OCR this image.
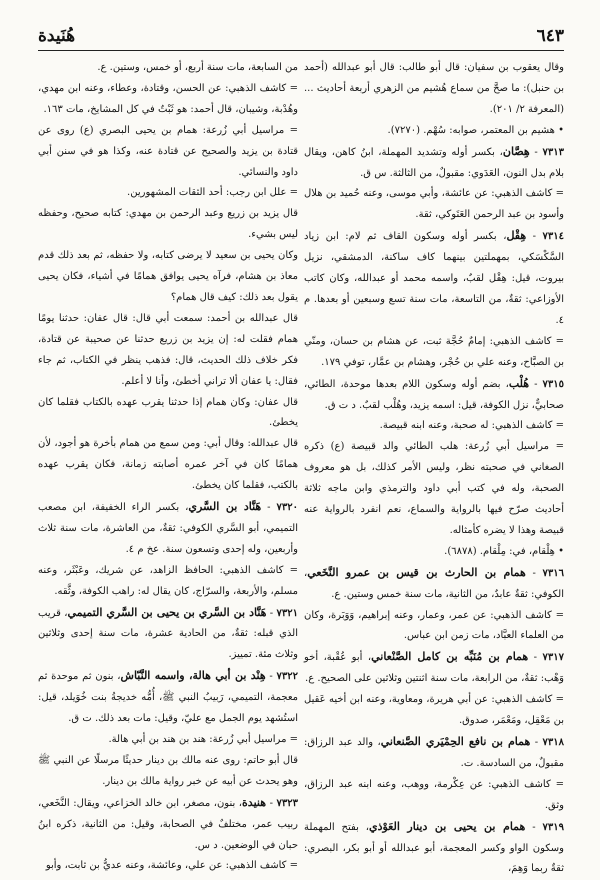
هُنَيدة	٦٤٣

وقال يعقوب بن سفيان: قال أبو طالب: قال أبو عبدالله (أحمد بن حنبل): ما صحَّ من سماع هُشيم من الزهري أربعة أحاديث ... (المعرفة ٢/ ٢٠١).

• هشيم بن المعتمر، صوابه: سُهْم. (٧٢٧٠).

٧٣١٣ - هِصَّان، بكسر أوله وتشديد المهملة، ابنُ كاهن، ويقال بلام بدل النون، العَدَوي: مقبولٌ، من الثالثة. س ق.

= كاشف الذهبي: عن عائشة، وأبي موسى، وعنه حُميد بن هلال وأسود بن عبد الرحمن العَتَوكي، ثقة.

٧٣١٤ - هِقْل، بكسر أوله وسكون القاف ثم لام: ابن زياد السَّكْسَكي، بمهملتين بينهما كاف ساكنة، الدمشقي، نزيل بيروت، قيل: هِقْل لقبٌ، واسمه محمد أو عبدالله، وكان كاتب الأوزاعي: ثقةٌ، من التاسعة، مات سنة تسع وسبعين أو بعدها. م ٤.

= كاشف الذهبي: إمامٌ حُجَّة ثبت، عن هشام بن حسان، ومنّي بن الصبَّاح، وعنه علي بن حُجْر، وهشام بن عمَّار، توفي ١٧٩.

٧٣١٥ - هُلْب، بضم أوله وسكون اللام بعدها موحدة، الطائي، صحابيٌّ، نزل الكوفة، قيل: اسمه يزيد، وهُلْب لقبٌ. د ت ق.

= كاشف الذهبي: له صحبة، وعنه ابنه قبيصة.

= مراسيل أبي زُرعة: هلب الطائي والد قبيصة (ع) ذكره الصغاني في صحبته نظر، وليس الأمر كذلك، بل هو معروف الصحبة، وله في كتب أبي داود والترمذي وابن ماجه ثلاثة أحاديث صرّح فيها بالرواية والسماع، نعم انفرد بالرواية عنه قبيصة وهذا لا يضره كأمثاله.

• هِلْقام، في: مِلْقام. (٦٨٧٨).

٧٣١٦ - همام بن الحارث بن قيس بن عمرو النَّخَعي، الكوفي: ثقةٌ عابدٌ، من الثانية، مات سنة خمس وستين. ع.

= كاشف الذهبي: عن عمر، وعمار، وعنه إبراهيم، وَوَبَرة، وكان من العلماء العبَّاد، مات زمن ابن عباس.

٧٣١٧ - همام بن مُنَبِّه بن كامل الصَّنْعاني، أبو عُقْبة، أخو وَهْب: ثقةٌ، من الرابعة، مات سنة اثنتين وثلاثين على الصحيح. ع.

= كاشف الذهبي: عن أبي هريرة، ومعاوية، وعنه ابن أخيه عَقيل بن مَعْقِل، ومَعْمَر، صدوق.

٧٣١٨ - همام بن نافع الحِمْيَري الصَّنعاني، والد عبد الرزاق: مقبولٌ، من السادسة. ت.

= كاشف الذهبي: عن عِكْرمة، ووهب، وعنه ابنه عبد الرزاق، وثق.

٧٣١٩ - همام بن يحيى بن دينار العَوْذي، بفتح المهملة وسكون الواو وكسر المعجمة، أبو عبدالله أو أبو بكر، البصري: ثقةٌ ربما وَهِمَ،

من السابعة، مات سنة أربع، أو خمس، وستين. ع.

= كاشف الذهبي: عن الحسن، وقتادة، وعطاء، وعنه ابن مهدي، وهُدْبة، وشيبان، قال أحمد: هو ثَبْتٌ في كل المشايخ، مات ١٦٣.

= مراسيل أبي زُرعة: همام بن يحيى البصري (ع) روى عن قتادة بن يزيد والصحيح عن قتادة عنه، وكذا هو في سنن أبي داود والنسائي.

= علل ابن رجب: أحد الثقات المشهورين.

قال يزيد بن زريع وعبد الرحمن بن مهدي: كتابه صحيح، وحفظه ليس بشيء.

وكان يحيى بن سعيد لا يرضى كتابه، ولا حفظه، ثم بعد ذلك قدم معاذ بن هشام، فرآه يحيى يوافق همامًا في أشياء، فكان يحيى يقول بعد ذلك: كيف قال همام؟

قال عبدالله بن أحمد: سمعت أبي قال: قال عفان: حدثنا يومًا همام فقلت له: إن يزيد بن زريع حدثنا عن صحيبة عن قتادة، فكر خلاف ذلك الحديث، قال: فذهب ينظر في الكتاب، ثم جاء فقال: يا عفان ألا تراني أخطئ، وأنا لا أعلم.

قال عفان: وكان همام إذا حدثنا يقرب عهده بالكتاب فقلما كان يخطئ.

قال عبدالله: وقال أبي: ومن سمع من همام بأخرة هو أجود، لأن همامًا كان في آخر عمره أصابته زمانة، فكان يقرب عهده بالكتب، فقلما كان يخطئ.

٧٣٢٠ - هَنَّاد بن السَّري، بكسر الراء الخفيفة، ابن مصعب التميمي، أبو السَّري الكوفي: ثقةٌ، من العاشرة، مات سنة ثلاث وأربعين، وله إحدى وتسعون سنة. عخ م ٤.

= كاشف الذهبي: الحافظ الزاهد، عن شريك، وعَبْثَر، وعنه مسلم، والأربعة، والسرّاج، كان يقال له: راهب الكوفة، وثَّقه.

٧٣٢١ - هَنَّاد بن السَّري بن يحيى بن السَّري التميمي، قريب الذي قبله: ثقةٌ، من الحادية عشرة، مات سنة إحدى وثلاثين وثلاث مئة. تمييز.

٧٣٢٢ - هِنْد بن أبي هالة، واسمه النَّبّاش، بنون ثم موحدة ثم معجمة، التميمي، رَبيبُ النبي ﷺ، أُمُّه خديجةُ بنت خُوَيلد، قيل: استُشهد يوم الجمل مع عليّ، وقيل: مات بعد ذلك. ت ق.

= مراسيل أبي زُرعة: هند بن هند بن أبي هالة.

قال أبو حاتم: روى عنه مالك بن دينار حديثًا مرسلًا عن النبي ﷺ وهو يحدث عن أبيه عن خبر رواية مالك بن دينار.

٧٣٢٣ - هنيدة، بنون، مصغر، ابن خالد الخزاعي، ويقال: النَّخَعي، ربيب عمر، مختلفٌ في الصحابة، وقيل: من الثانية، ذكره ابنُ حبان في الوضعين. د س.

= كاشف الذهبي: عن علي، وعائشة، وعنه عديُّ بن ثابت، وأبو
